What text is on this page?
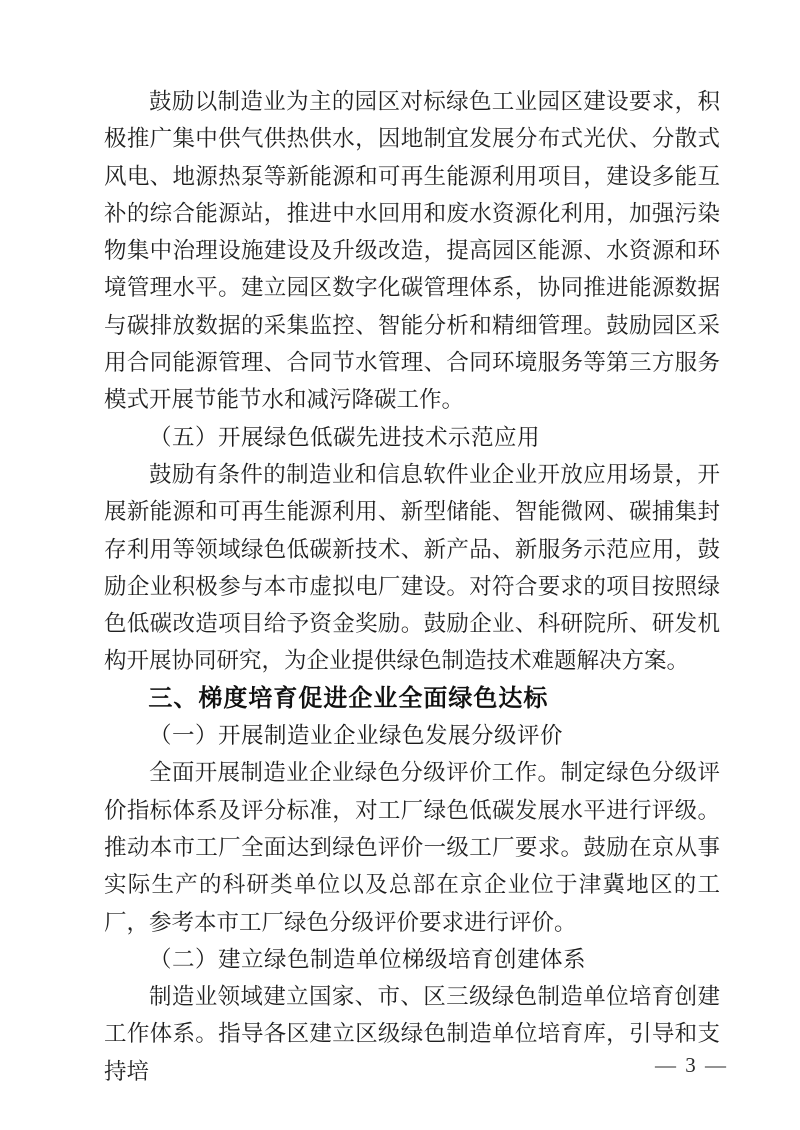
鼓励以制造业为主的园区对标绿色工业园区建设要求，积极推广集中供气供热供水，因地制宜发展分布式光伏、分散式风电、地源热泵等新能源和可再生能源利用项目，建设多能互补的综合能源站，推进中水回用和废水资源化利用，加强污染物集中治理设施建设及升级改造，提高园区能源、水资源和环境管理水平。建立园区数字化碳管理体系，协同推进能源数据与碳排放数据的采集监控、智能分析和精细管理。鼓励园区采用合同能源管理、合同节水管理、合同环境服务等第三方服务模式开展节能节水和减污降碳工作。

（五）开展绿色低碳先进技术示范应用

鼓励有条件的制造业和信息软件业企业开放应用场景，开展新能源和可再生能源利用、新型储能、智能微网、碳捕集封存利用等领域绿色低碳新技术、新产品、新服务示范应用，鼓励企业积极参与本市虚拟电厂建设。对符合要求的项目按照绿色低碳改造项目给予资金奖励。鼓励企业、科研院所、研发机构开展协同研究，为企业提供绿色制造技术难题解决方案。

三、梯度培育促进企业全面绿色达标

（一）开展制造业企业绿色发展分级评价

全面开展制造业企业绿色分级评价工作。制定绿色分级评价指标体系及评分标准，对工厂绿色低碳发展水平进行评级。推动本市工厂全面达到绿色评价一级工厂要求。鼓励在京从事实际生产的科研类单位以及总部在京企业位于津冀地区的工厂，参考本市工厂绿色分级评价要求进行评价。

（二）建立绿色制造单位梯级培育创建体系

制造业领域建立国家、市、区三级绿色制造单位培育创建工作体系。指导各区建立区级绿色制造单位培育库，引导和支持培	— 3 —
